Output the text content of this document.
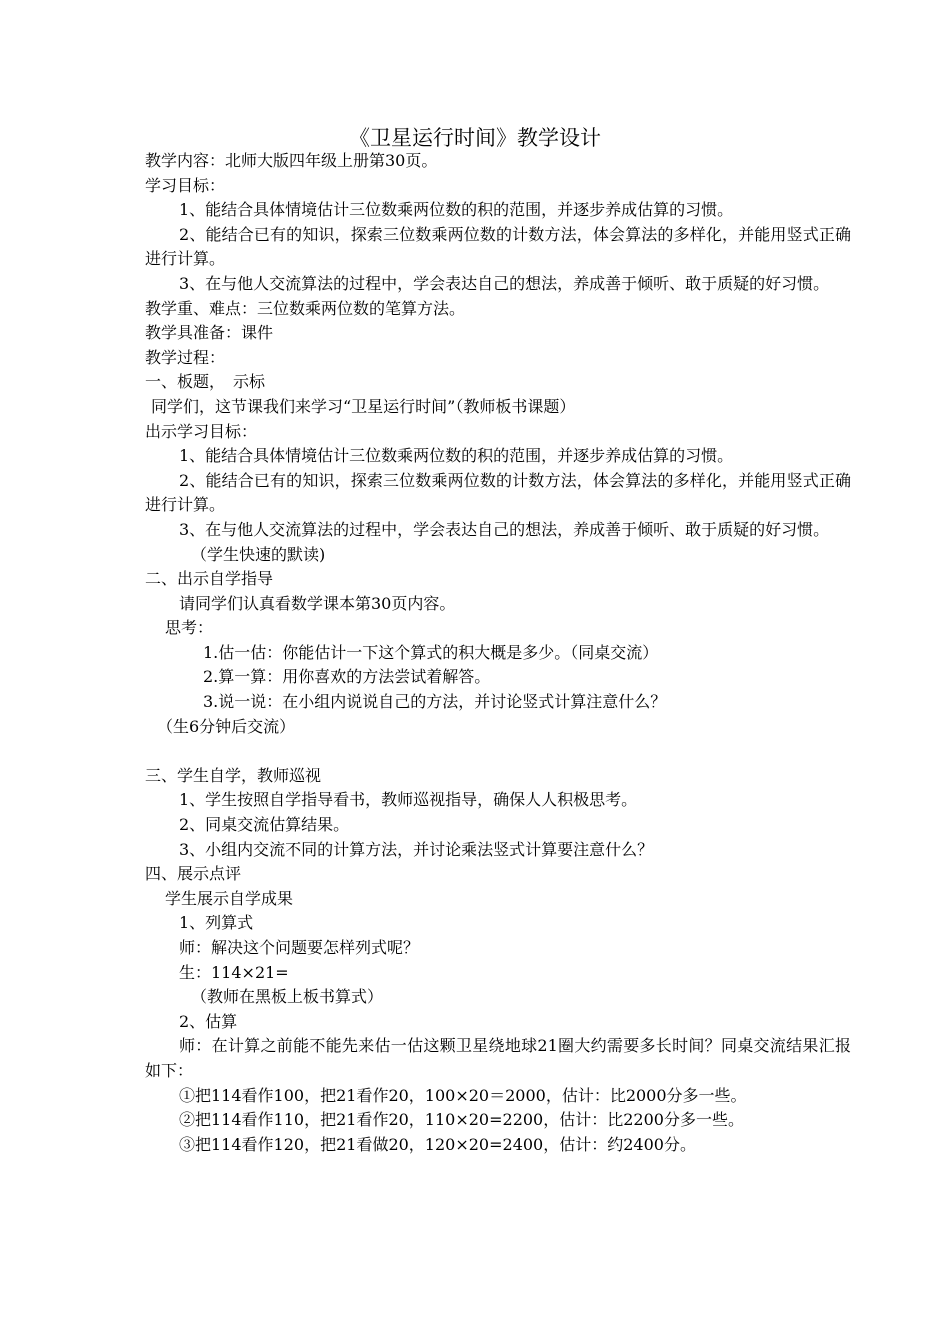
《卫星运行时间》教学设计
教学内容：北师大版四年级上册第30页。
学习目标：
1、能结合具体情境估计三位数乘两位数的积的范围，并逐步养成估算的习惯。
2、能结合已有的知识，探索三位数乘两位数的计数方法，体会算法的多样化，并能用竖式正确进行计算。
3、在与他人交流算法的过程中，学会表达自己的想法，养成善于倾听、敢于质疑的好习惯。
教学重、难点：三位数乘两位数的笔算方法。
教学具准备：课件
教学过程：
一、板题，　示标
同学们，这节课我们来学习“卫星运行时间”（教师板书课题）
出示学习目标：
1、能结合具体情境估计三位数乘两位数的积的范围，并逐步养成估算的习惯。
2、能结合已有的知识，探索三位数乘两位数的计数方法，体会算法的多样化，并能用竖式正确进行计算。
3、在与他人交流算法的过程中，学会表达自己的想法，养成善于倾听、敢于质疑的好习惯。
（学生快速的默读)
二、出示自学指导
请同学们认真看数学课本第30页内容。
思考：
1.估一估：你能估计一下这个算式的积大概是多少。（同桌交流）
2.算一算：用你喜欢的方法尝试着解答。
3.说一说：在小组内说说自己的方法，并讨论竖式计算注意什么？
（生6分钟后交流）
三、学生自学，教师巡视
1、学生按照自学指导看书，教师巡视指导，确保人人积极思考。
2、同桌交流估算结果。
3、小组内交流不同的计算方法，并讨论乘法竖式计算要注意什么？
四、展示点评
学生展示自学成果
1、列算式
师：解决这个问题要怎样列式呢？
生：114×21=
（教师在黑板上板书算式）
2、估算
师：在计算之前能不能先来估一估这颗卫星绕地球21圈大约需要多长时间？同桌交流结果汇报如下：
①把114看作100，把21看作20，100×20＝2000，估计：比2000分多一些。
②把114看作110，把21看作20，110×20=2200，估计：比2200分多一些。
③把114看作120，把21看做20，120×20=2400，估计：约2400分。
